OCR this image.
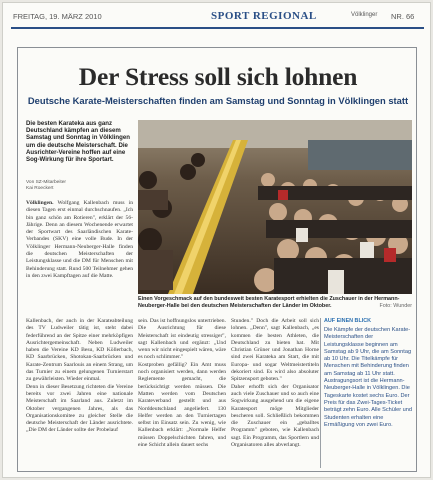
FREITAG, 19. MÄRZ 2010	SPORT REGIONAL	Völklinger NR. 66
Der Stress soll sich lohnen
Deutsche Karate-Meisterschaften finden am Samstag und Sonntag in Völklingen statt
Die besten Karateka aus ganz Deutschland kämpfen an diesem Samstag und Sonntag in Völklingen um die deutsche Meisterschaft. Die Ausrichter-Vereine hoffen auf eine Sog-Wirkung für ihre Sportart.
Von SZ-Mitarbeiter
Kai Roeckert
Völklingen. Wolfgang Kallenbach muss in diesen Tagen erst einmal durchschnaufen. „Ich bin ganz schön am Rotieren", erklärt der 56-Jährige. Denn an diesem Wochenende erwartet der Sportwart des Saarländischen Karate-Verbandes (SKV) eine volle Bude. In der Völklinger Hermann-Neuberger-Halle finden die deutschen Meisterschaften der Leistungsklasse und die DM für Menschen mit Behinderung statt. Rund 500 Teilnehmer gehen in den zwei Kampftagen auf die Matte.
Einen Vorgeschmack auf den bundesweit besten Karatesport erhielten die Zuschauer in der Hermann-Neuberger-Halle bei den deutschen Meisterschaften der Länder im Oktober.	Foto: Wunder
Kallenbach, der auch in der Karateabteilung des TV Ludweiler tätig ist, steht dabei federführend an der Spitze einer mehrköpfigen Ausrichtergemeinschaft. Neben Ludweiler haben die Vereine KD Besu, KD Köllerbach, KD Saarbrücken, Shotokan-Saarbrücken und Karate-Zentrum Saarlouis an einem Strang, um das Turnier zu einem gelungenen Turnierstart zu gewährleisten. Wieder einmal.
Denn in dieser Besetzung richteten die Vereine bereits vor zwei Jahren eine nationale Meisterschaft im Saarland aus. Zuletzt im Oktober vergangenen Jahres, als das Organisationskomitee zu gleicher Stelle die deutsche Meisterschaft der Länder ausrichtete. „Die DM der Länder sollte der Probelauf
sein. Das ist hoffnungslos untertrieben. Die Ausrichtung für diese Meisterschaft ist eindeutig stressiger", sagt Kallenbach und ergänzt: „Und wenn wir nicht eingespielt wären, wäre es noch schlimmer."
Kostproben gefällig? Ein Amt muss noch organisiert werden, dann werden Reglemente gemacht, die berücksichtigt werden müssen. Die Matten werden vom Deutschen Karateverband gestellt und aus Norddeutschland angeliefert. 130 Helfer werden an den Turniertagen selbst im Einsatz sein. Zu wenig, wie Kallenbach erklärt: „Normale Helfer müssen Doppelschichten fahren, und eine Schicht allein dauert sechs
Stunden." Doch die Arbeit soll sich lohnen. „Denn", sagt Kallenbach, „es kommen die besten Athleten, die Deutschland zu bieten hat. Mit Christian Grüner und Jonathan Horne sind zwei Karateka am Start, die mit Europa- und sogar Weltmeistertiteln dekoriert sind. Es wird also absoluter Spitzensport geboten."
Daher erhofft sich der Organisator auch viele Zuschauer und so auch eine Sogwirkung ausgehend um die eigene Karatesport möge Mitglieder bescheren soll. Schließlich bekommen die Zuschauer ein „geballtes Programm" geboten, wie Kallenbach sagt. Ein Programm, das Sportlern und Organisatoren alles abverlangt.
AUF EINEN BLICK
Die Kämpfe der deutschen Karate-Meisterschaften der Leistungsklasse beginnen am Samstag ab 9 Uhr, die am Sonntag ab 10 Uhr. Die Titelkämpfe für Menschen mit Behinderung finden am Samstag ab 11 Uhr statt. Austragungsort ist die Hermann-Neuberger-Halle in Völklingen. Die Tageskarte kostet sechs Euro. Der Preis für das Zwei-Tages-Ticket beträgt zehn Euro. Alle Schüler und Studenten erhalten eine Ermäßigung von zwei Euro.
